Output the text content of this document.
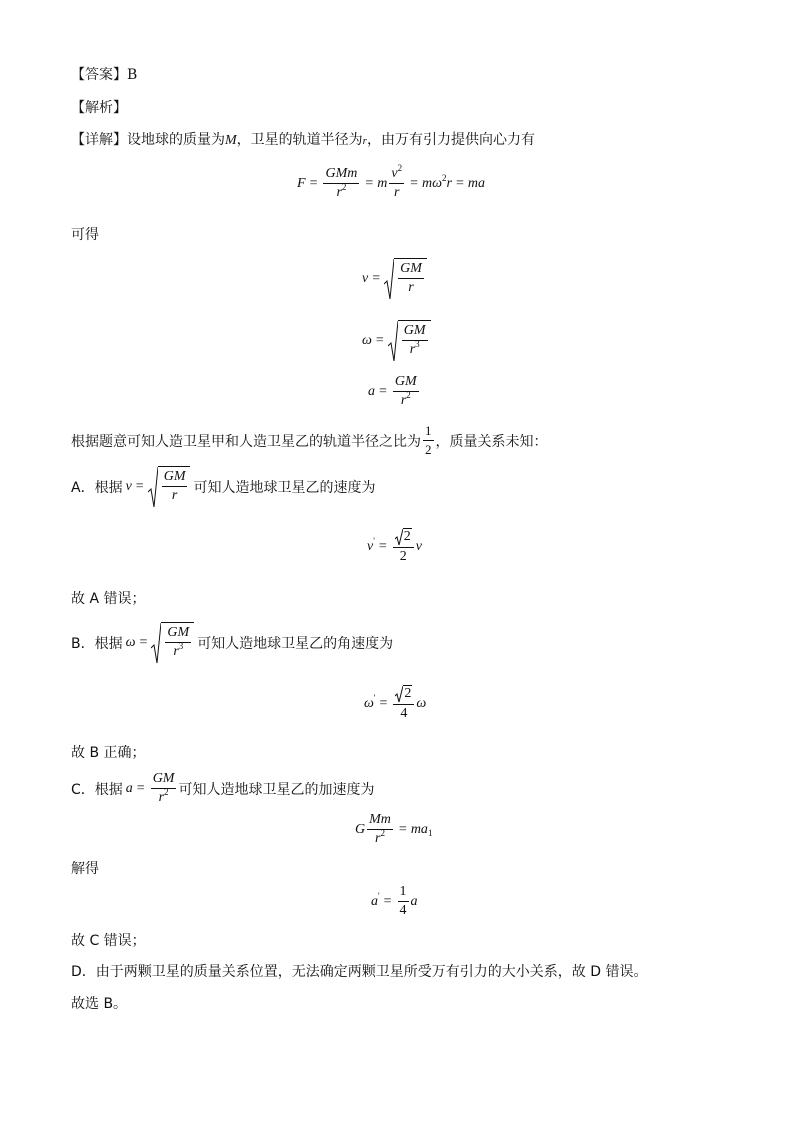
【答案】B
【解析】
【详解】设地球的质量为M，卫星的轨道半径为r，由万有引力提供向心力有
$F = \frac{\text{GMm}}{r^2} = m \frac{v^2}{r} = m\omega^2r$ = ma
可得
$v = \frac{GM}{r}$
$\omega = \frac{GM}{r^3}$
$a = \frac{GM}{r^2}$
根据题意可知人造卫星甲和人造卫星乙的轨道半径之比为 $\frac{1}{2}$ ，质量关系未知：
A．根据 $v = \frac{GM}{r}$ 可知人造地球卫星乙的速度为
$v' = \frac{2}{2}$ v
故 A 错误；
B．根据 $\omega = \frac{GM}{r^3}$ 可知人造地球卫星乙的角速度为
$\omega' = \frac{2}{4}$ ω
故 B 正确；
C．根据 $a = \frac{GM}{r^2}$ 可知人造地球卫星乙的加速度为
G $\frac{Mm}{r^2} = ma_1$
解得
$a' = \frac{1}{4}$ a
故 C 错误；
D．由于两颗卫星的质量关系位置，无法确定两颗卫星所受万有引力的大小关系，故 D 错误。
故选 B。
